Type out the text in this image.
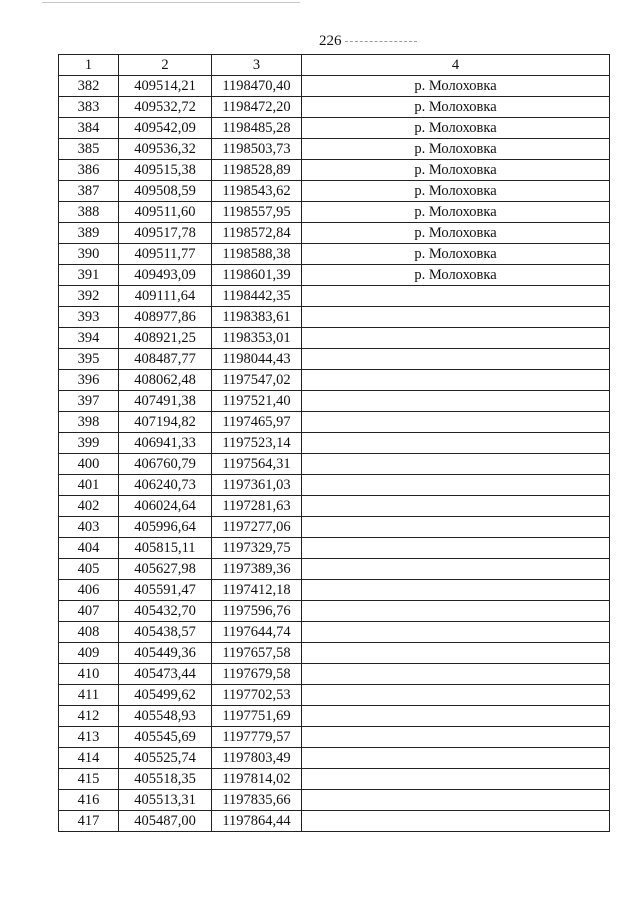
226
1	2	3	4
382	409514,21	1198470,40	р. Молоховка
383	409532,72	1198472,20	р. Молоховка
384	409542,09	1198485,28	р. Молоховка
385	409536,32	1198503,73	р. Молоховка
386	409515,38	1198528,89	р. Молоховка
387	409508,59	1198543,62	р. Молоховка
388	409511,60	1198557,95	р. Молоховка
389	409517,78	1198572,84	р. Молоховка
390	409511,77	1198588,38	р. Молоховка
391	409493,09	1198601,39	р. Молоховка
392	409111,64	1198442,35	
393	408977,86	1198383,61	
394	408921,25	1198353,01	
395	408487,77	1198044,43	
396	408062,48	1197547,02	
397	407491,38	1197521,40	
398	407194,82	1197465,97	
399	406941,33	1197523,14	
400	406760,79	1197564,31	
401	406240,73	1197361,03	
402	406024,64	1197281,63	
403	405996,64	1197277,06	
404	405815,11	1197329,75	
405	405627,98	1197389,36	
406	405591,47	1197412,18	
407	405432,70	1197596,76	
408	405438,57	1197644,74	
409	405449,36	1197657,58	
410	405473,44	1197679,58	
411	405499,62	1197702,53	
412	405548,93	1197751,69	
413	405545,69	1197779,57	
414	405525,74	1197803,49	
415	405518,35	1197814,02	
416	405513,31	1197835,66	
417	405487,00	1197864,44	
